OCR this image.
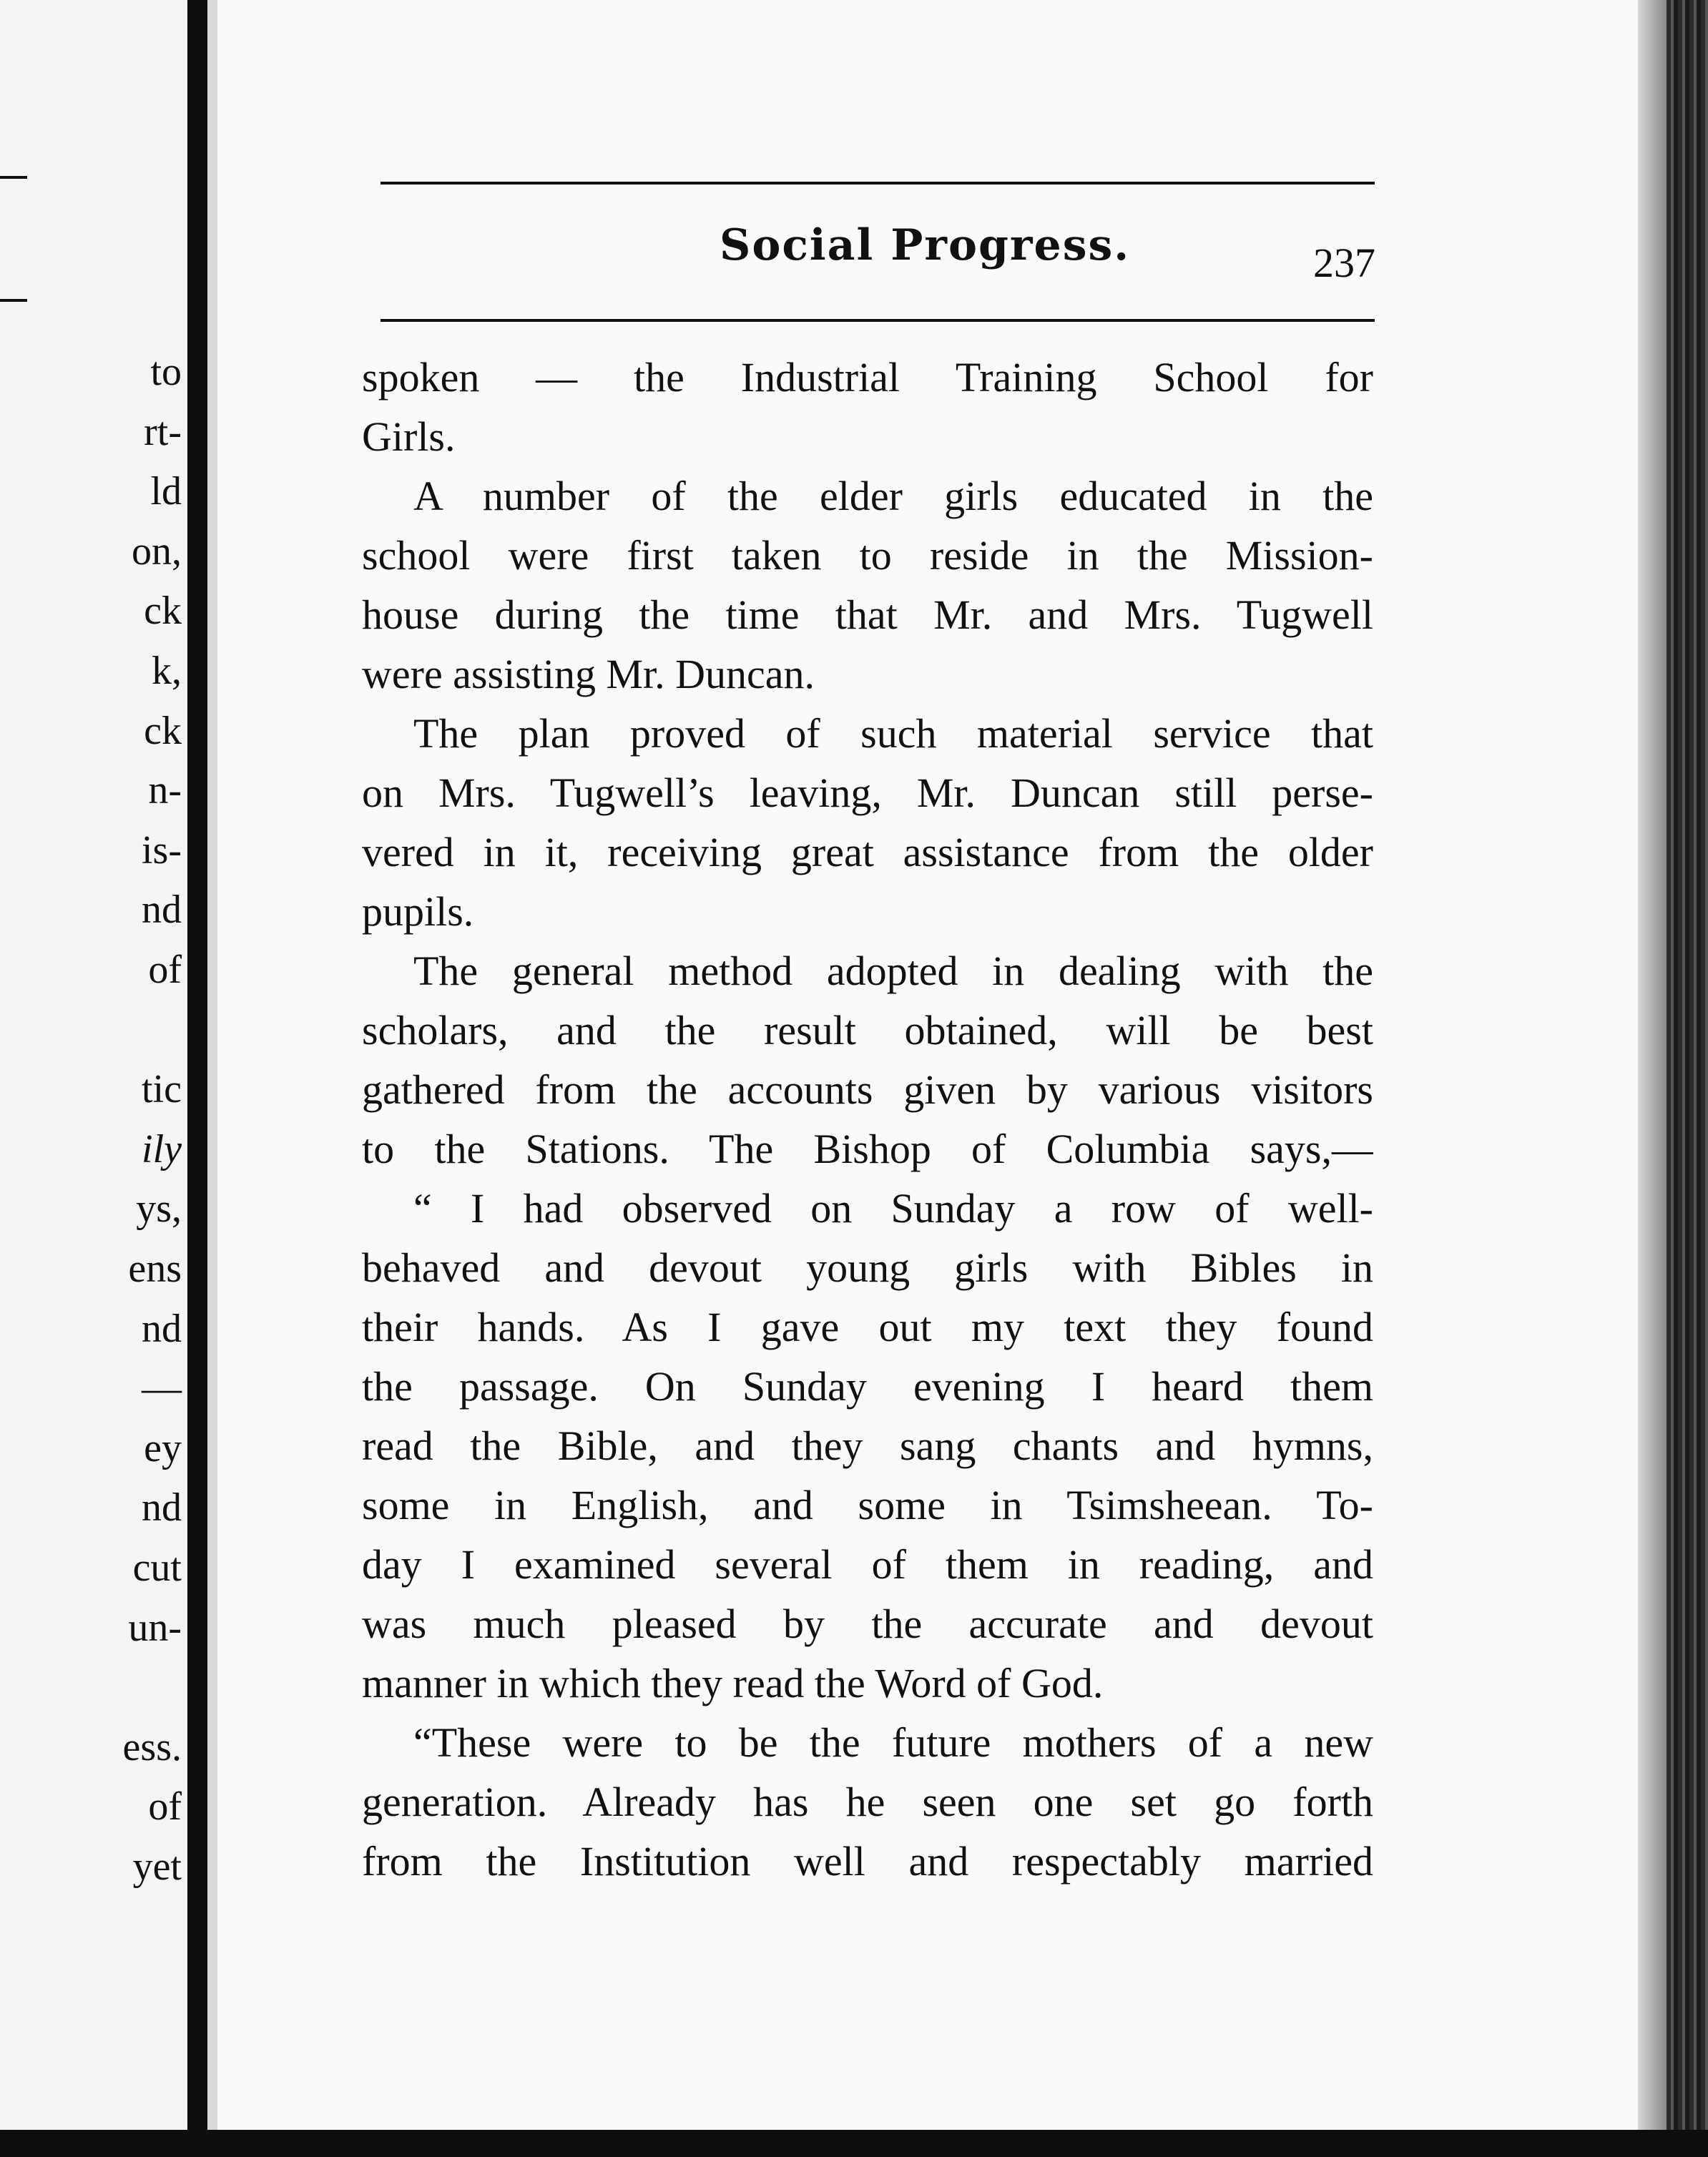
to
rt-
ld
on,
ck
k,
ck
n-
is-
nd
of
tic
ily
ys,
ens
nd
—
ey
nd
cut
un-
ess.
of
yet
Social Progress.	237
spoken — the Industrial Training School for
Girls.
A number of the elder girls educated in the
school were first taken to reside in the Mission-
house during the time that Mr. and Mrs. Tugwell
were assisting Mr. Duncan.
The plan proved of such material service that
on Mrs. Tugwell’s leaving, Mr. Duncan still perse-
vered in it, receiving great assistance from the older
pupils.
The general method adopted in dealing with the
scholars, and the result obtained, will be best
gathered from the accounts given by various visitors
to the Stations. The Bishop of Columbia says,—
“ I had observed on Sunday a row of well-
behaved and devout young girls with Bibles in
their hands. As I gave out my text they found
the passage. On Sunday evening I heard them
read the Bible, and they sang chants and hymns,
some in English, and some in Tsimsheean. To-
day I examined several of them in reading, and
was much pleased by the accurate and devout
manner in which they read the Word of God.
“These were to be the future mothers of a new
generation. Already has he seen one set go forth
from the Institution well and respectably married
